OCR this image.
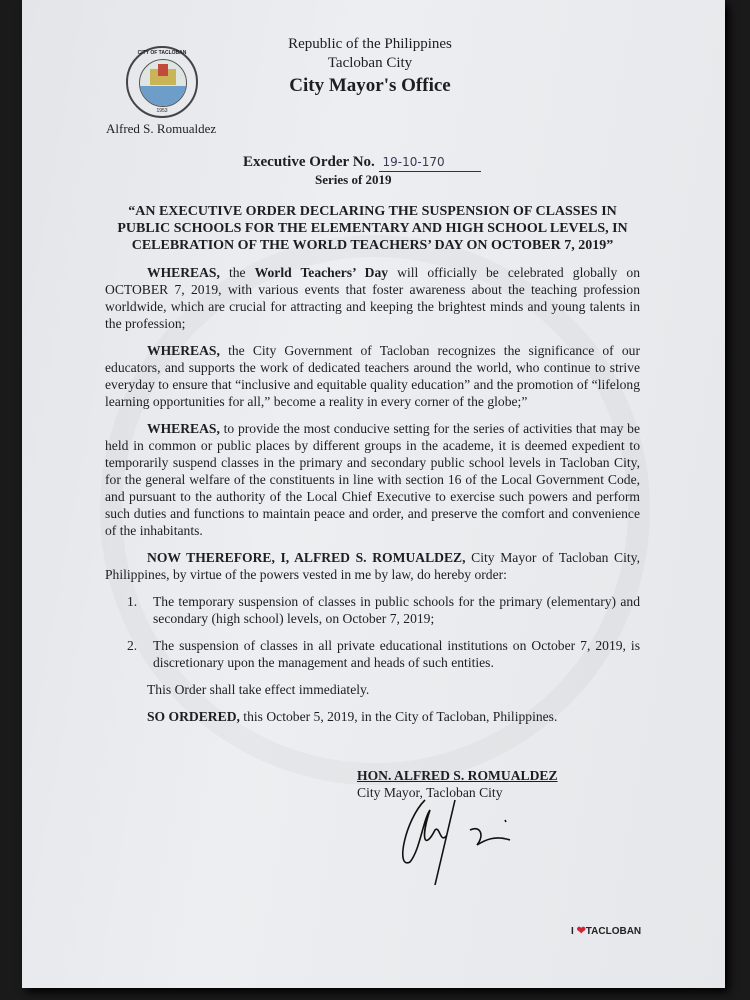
CITY OF TACLOBAN
1953
Alfred S. Romualdez
Republic of the Philippines
Tacloban City
City Mayor's Office
Executive Order No. 19-10-170
Series of 2019
“AN EXECUTIVE ORDER DECLARING THE SUSPENSION OF CLASSES IN PUBLIC SCHOOLS FOR THE ELEMENTARY AND HIGH SCHOOL LEVELS, IN CELEBRATION OF THE WORLD TEACHERS’ DAY ON OCTOBER 7, 2019”
WHEREAS, the World Teachers’ Day will officially be celebrated globally on OCTOBER 7, 2019, with various events that foster awareness about the teaching profession worldwide, which are crucial for attracting and keeping the brightest minds and young talents in the profession;
WHEREAS, the City Government of Tacloban recognizes the significance of our educators, and supports the work of dedicated teachers around the world, who continue to strive everyday to ensure that “inclusive and equitable quality education” and the promotion of “lifelong learning opportunities for all,” become a reality in every corner of the globe;”
WHEREAS, to provide the most conducive setting for the series of activities that may be held in common or public places by different groups in the academe, it is deemed expedient to temporarily suspend classes in the primary and secondary public school levels in Tacloban City, for the general welfare of the constituents in line with section 16 of the Local Government Code, and pursuant to the authority of the Local Chief Executive to exercise such powers and perform such duties and functions to maintain peace and order, and preserve the comfort and convenience of the inhabitants.
NOW THEREFORE, I, ALFRED S. ROMUALDEZ, City Mayor of Tacloban City, Philippines, by virtue of the powers vested in me by law, do hereby order:
1. The temporary suspension of classes in public schools for the primary (elementary) and secondary (high school) levels, on October 7, 2019;
2. The suspension of classes in all private educational institutions on October 7, 2019, is discretionary upon the management and heads of such entities.
This Order shall take effect immediately.
SO ORDERED, this October 5, 2019, in the City of Tacloban, Philippines.
HON. ALFRED S. ROMUALDEZ
City Mayor, Tacloban City
I ❤TACLOBAN
